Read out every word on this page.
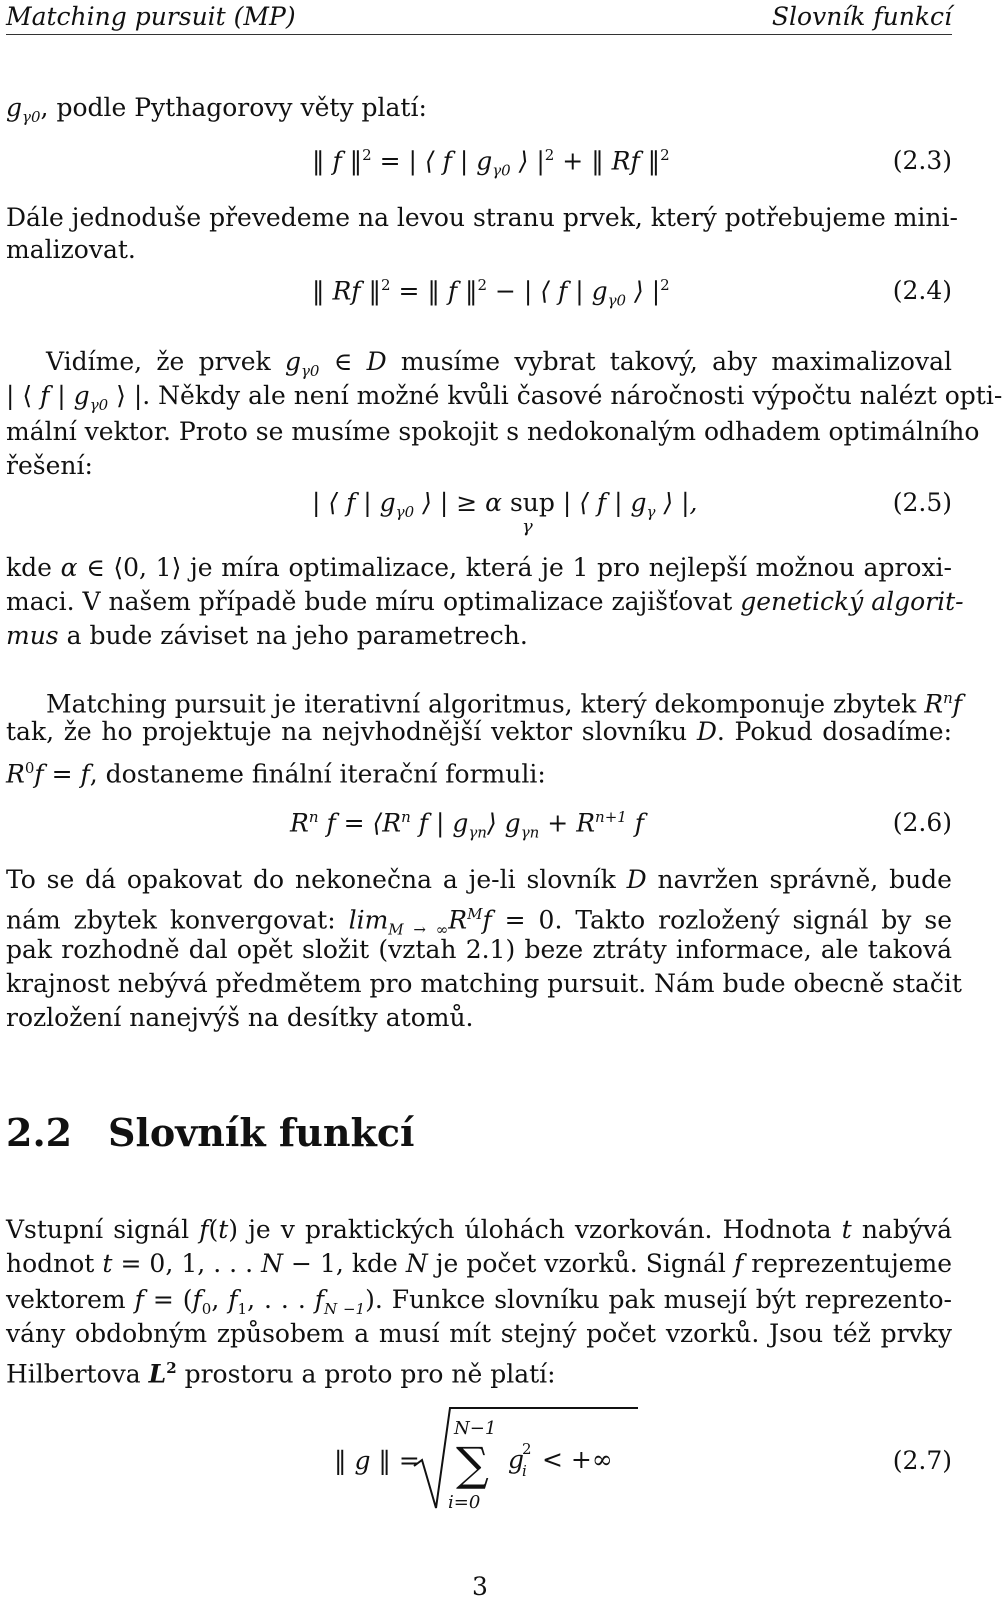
Matching pursuit (MP)	Slovník funkcí
$g_{\gamma 0}$, podle Pythagorovy věty platí:
‖ f ‖$^2$ = | ⟨ f | $g_{\gamma 0}$ ⟩ $|^2$ + ‖ Rf ‖$^2$	(2.3)
Dále jednoduše převedeme na levou stranu prvek, který potřebujeme mini-
malizovat.
‖ Rf ‖$^2$ = ‖ f ‖$^2$ − | ⟨ f | $g_{\gamma 0}$ ⟩ $|^2$	(2.4)
Vidíme, že prvek $g_{\gamma 0}$ ∈ D musíme vybrat takový, aby maximalizoval
| ⟨ f | $g_{\gamma 0}$ ⟩ |. Někdy ale není možné kvůli časové náročnosti výpočtu nalézt opti-
mální vektor. Proto se musíme spokojit s nedokonalým odhadem optimálního
řešení:
| ⟨ f | $g_{\gamma 0}$ ⟩ | ≥ α sup
γ
| ⟨ f | $g_\gamma$ ⟩ |,	(2.5)
kde α ∈ ⟨0, 1⟩ je míra optimalizace, která je 1 pro nejlepší možnou aproxi-
maci. V našem případě bude míru optimalizace zajišťovat genetický algorit-
mus a bude záviset na jeho parametrech.
Matching pursuit je iterativní algoritmus, který dekomponuje zbytek $R^nf$
tak, že ho projektuje na nejvhodnější vektor slovníku D. Pokud dosadíme:
$R^0f = f$, dostaneme finální iterační formuli:
$R^n$ $f = ⟨R^n$ f | $g_{\gamma n}⟩$ $g_{\gamma n} + R^{n+1}$ f	(2.6)
To se dá opakovat do nekonečna a je-li slovník D navržen správně, bude
nám zbytek konvergovat: $\lim_{M \to \infty}R^Mf = 0$. Takto rozložený signál by se
pak rozhodně dal opět složit (vztah 2.1) beze ztráty informace, ale taková
krajnost nebývá předmětem pro matching pursuit. Nám bude obecně stačit
rozložení nanejvýš na desítky atomů.
2.2 Slovník funkcí
Vstupní signál f(t) je v praktických úlohách vzorkován. Hodnota t nabývá
hodnot t = 0, 1, . . . N − 1, kde N je počet vzorků. Signál f reprezentujeme
vektorem $f = (f_0$, $f_1$, . . . $f_{N -1}$). Funkce slovníku pak musejí být reprezento-
vány obdobným způsobem a musí mít stejný počet vzorků. Jsou též prvky
Hilbertova $L^2$ prostoru a proto pro ně platí:
‖ g ‖ =
N−1
∑
i=0
g
2
i < +∞	(2.7)
3
